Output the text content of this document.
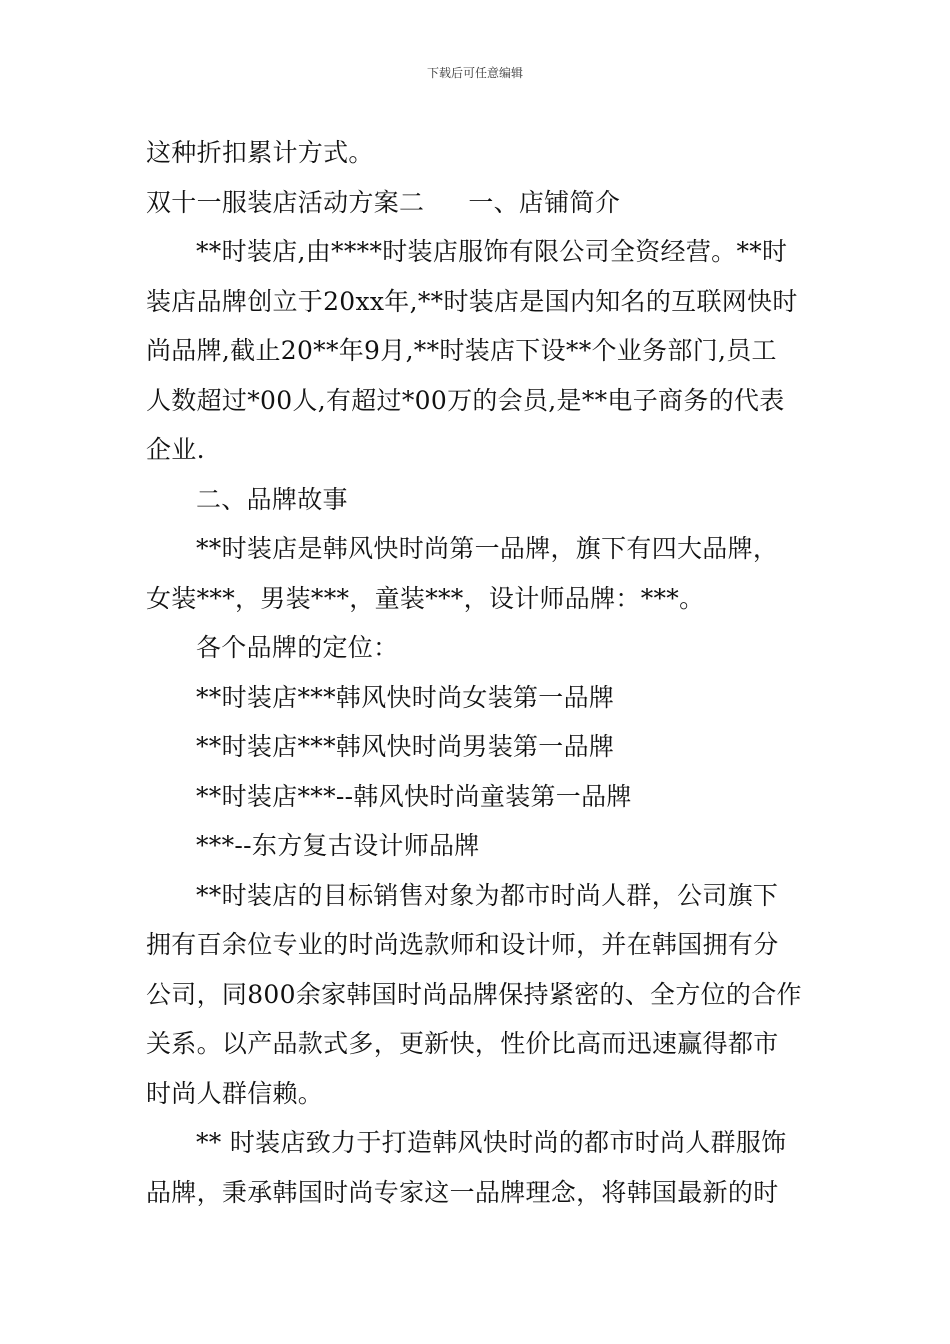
下载后可任意编辑
这种折扣累计方式。
双十一服装店活动方案二 一、店铺简介
**时装店,由****时装店服饰有限公司全资经营。**时
装店品牌创立于20xx年,**时装店是国内知名的互联网快时
尚品牌,截止20**年9月,**时装店下设**个业务部门,员工
人数超过*00人,有超过*00万的会员,是**电子商务的代表
企业.
二、品牌故事
**时装店是韩风快时尚第一品牌，旗下有四大品牌，
女装***，男装***，童装***，设计师品牌：***。
各个品牌的定位：
**时装店***韩风快时尚女装第一品牌
**时装店***韩风快时尚男装第一品牌
**时装店***--韩风快时尚童装第一品牌
***--东方复古设计师品牌
**时装店的目标销售对象为都市时尚人群，公司旗下
拥有百余位专业的时尚选款师和设计师，并在韩国拥有分
公司，同800余家韩国时尚品牌保持紧密的、全方位的合作
关系。以产品款式多，更新快，性价比高而迅速赢得都市
时尚人群信赖。
** 时装店致力于打造韩风快时尚的都市时尚人群服饰
品牌，秉承韩国时尚专家这一品牌理念，将韩国最新的时
